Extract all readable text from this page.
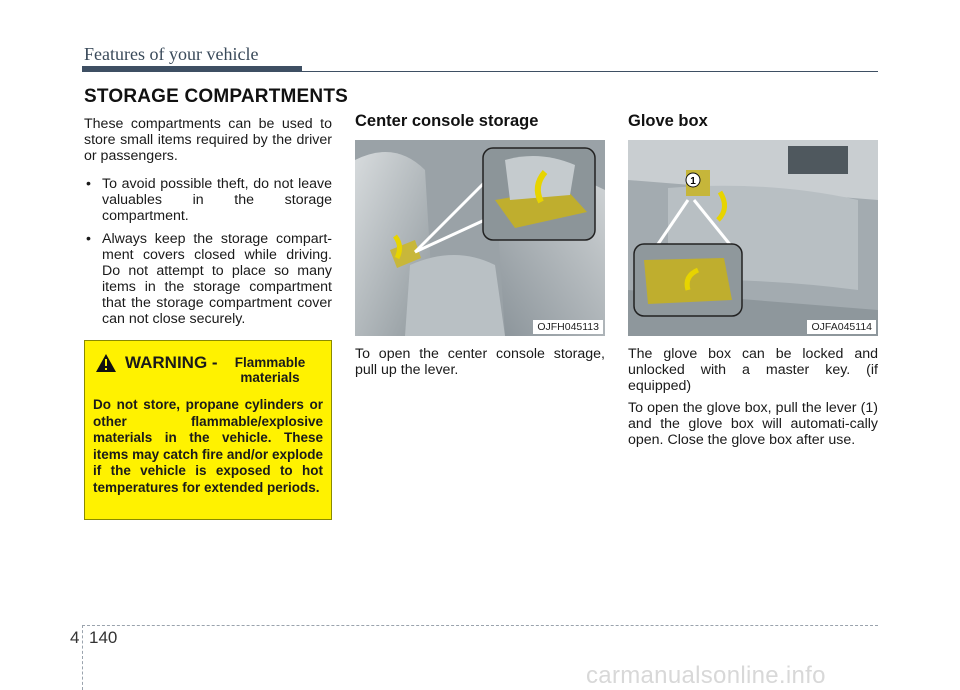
Features of your vehicle
STORAGE COMPARTMENTS

These compartments can be used to store small items required by the driver or passengers.

• To avoid possible theft, do not leave valuables in the storage compartment.
• Always keep the storage compart-ment covers closed while driving. Do not attempt to place so many items in the storage compartment that the storage compartment cover can not close securely.
WARNING - Flammable materials
Do not store, propane cylinders or other flammable/explosive materials in the vehicle. These items may catch fire and/or explode if the vehicle is exposed to hot temperatures for extended periods.
Center console storage
OJFH045113
To open the center console storage, pull up the lever.
Glove box
1
OJFA045114

The glove box can be locked and unlocked with a master key. (if equipped)

To open the glove box, pull the lever (1) and the glove box will automati-cally open. Close the glove box after use.

4 140
carmanualsonline.info
